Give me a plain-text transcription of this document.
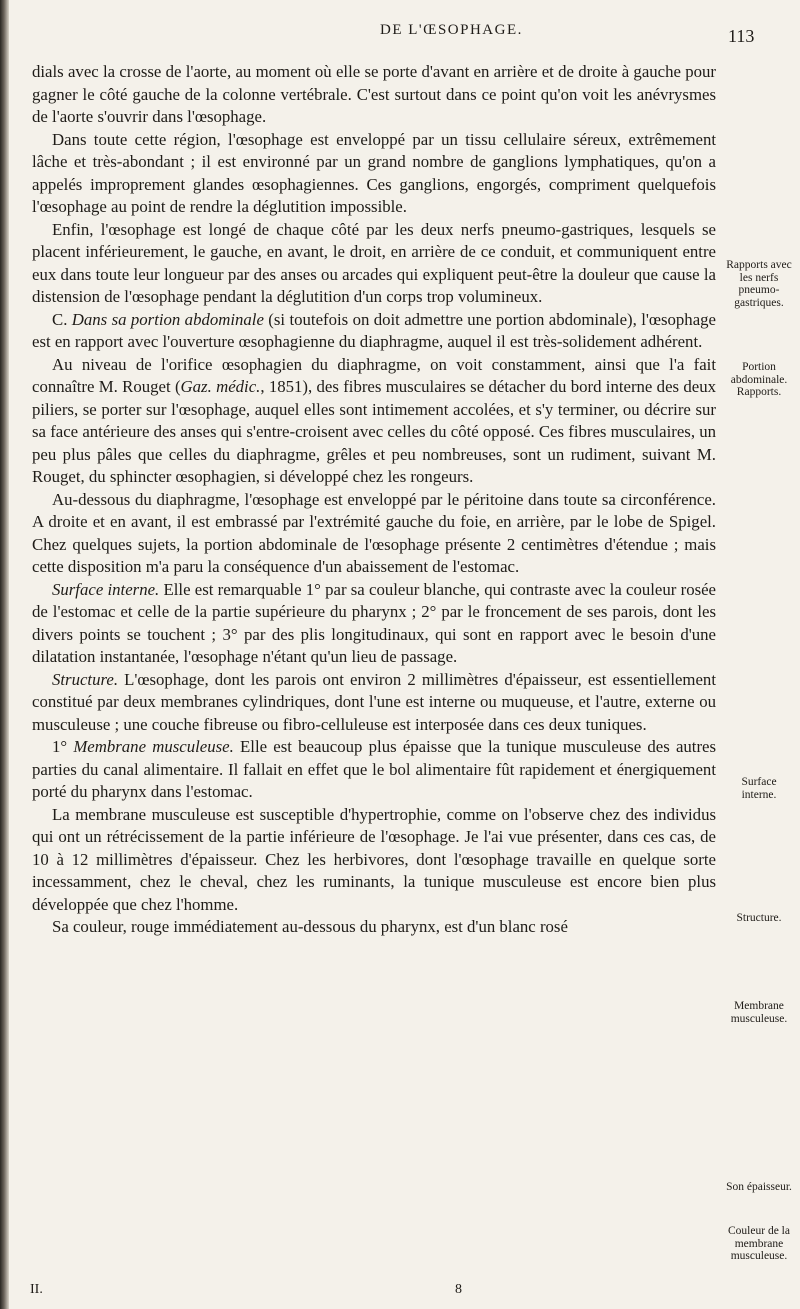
DE L'ŒSOPHAGE.	113

dials avec la crosse de l'aorte, au moment où elle se porte d'avant en arrière et de droite à gauche pour gagner le côté gauche de la colonne vertébrale. C'est surtout dans ce point qu'on voit les anévrysmes de l'aorte s'ouvrir dans l'œsophage.

Dans toute cette région, l'œsophage est enveloppé par un tissu cellulaire séreux, extrêmement lâche et très-abondant ; il est environné par un grand nombre de ganglions lymphatiques, qu'on a appelés improprement glandes œsophagiennes. Ces ganglions, engorgés, compriment quelquefois l'œsophage au point de rendre la déglutition impossible.

Enfin, l'œsophage est longé de chaque côté par les deux nerfs pneumo-gastriques, lesquels se placent inférieurement, le gauche, en avant, le droit, en arrière de ce conduit, et communiquent entre eux dans toute leur longueur par des anses ou arcades qui expliquent peut-être la douleur que cause la distension de l'œsophage pendant la déglutition d'un corps trop volumineux.

C. Dans sa portion abdominale (si toutefois on doit admettre une portion abdominale), l'œsophage est en rapport avec l'ouverture œsophagienne du diaphragme, auquel il est très-solidement adhérent.

Au niveau de l'orifice œsophagien du diaphragme, on voit constamment, ainsi que l'a fait connaître M. Rouget (Gaz. médic., 1851), des fibres musculaires se détacher du bord interne des deux piliers, se porter sur l'œsophage, auquel elles sont intimement accolées, et s'y terminer, ou décrire sur sa face antérieure des anses qui s'entre-croisent avec celles du côté opposé. Ces fibres musculaires, un peu plus pâles que celles du diaphragme, grêles et peu nombreuses, sont un rudiment, suivant M. Rouget, du sphincter œsophagien, si développé chez les rongeurs.

Au-dessous du diaphragme, l'œsophage est enveloppé par le péritoine dans toute sa circonférence. A droite et en avant, il est embrassé par l'extrémité gauche du foie, en arrière, par le lobe de Spigel. Chez quelques sujets, la portion abdominale de l'œsophage présente 2 centimètres d'étendue ; mais cette disposition m'a paru la conséquence d'un abaissement de l'estomac.

Surface interne. Elle est remarquable 1° par sa couleur blanche, qui contraste avec la couleur rosée de l'estomac et celle de la partie supérieure du pharynx ; 2° par le froncement de ses parois, dont les divers points se touchent ; 3° par des plis longitudinaux, qui sont en rapport avec le besoin d'une dilatation instantanée, l'œsophage n'étant qu'un lieu de passage.

Structure. L'œsophage, dont les parois ont environ 2 millimètres d'épaisseur, est essentiellement constitué par deux membranes cylindriques, dont l'une est interne ou muqueuse, et l'autre, externe ou musculeuse ; une couche fibreuse ou fibro-celluleuse est interposée dans ces deux tuniques.

1° Membrane musculeuse. Elle est beaucoup plus épaisse que la tunique musculeuse des autres parties du canal alimentaire. Il fallait en effet que le bol alimentaire fût rapidement et énergiquement porté du pharynx dans l'estomac.

La membrane musculeuse est susceptible d'hypertrophie, comme on l'observe chez des individus qui ont un rétrécissement de la partie inférieure de l'œsophage. Je l'ai vue présenter, dans ces cas, de 10 à 12 millimètres d'épaisseur. Chez les herbivores, dont l'œsophage travaille en quelque sorte incessamment, chez le cheval, chez les ruminants, la tunique musculeuse est encore bien plus développée que chez l'homme.

Sa couleur, rouge immédiatement au-dessous du pharynx, est d'un blanc rosé

Rapports avec les nerfs pneumo-gastriques.
Portion abdominale. Rapports.
Surface interne.
Structure.
Membrane musculeuse.
Son épaisseur.
Couleur de la membrane musculeuse.
II.	8
